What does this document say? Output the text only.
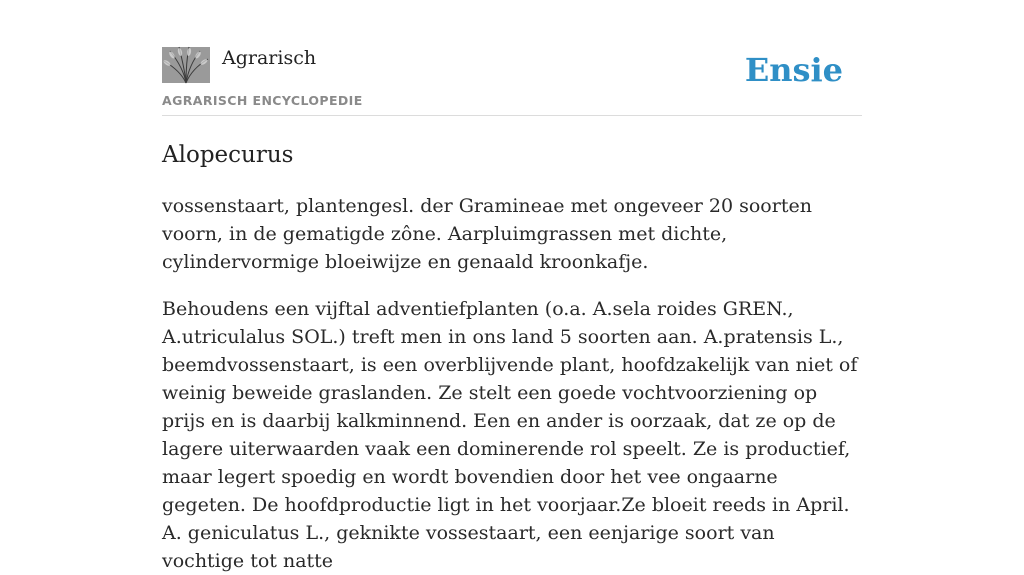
Agrarisch
AGRARISCH ENCYCLOPEDIE
Ensie
Alopecurus

vossenstaart, plantengesl. der Gramineae met ongeveer 20 soorten voorn, in de gematigde zône. Aarpluimgrassen met dichte, cylindervormige bloeiwijze en genaald kroonkafje.

Behoudens een vijftal adventiefplanten (o.a. A.sela roides GREN., A.utriculalus SOL.) treft men in ons land 5 soorten aan. A.pratensis L., beemdvossenstaart, is een overblijvende plant, hoofdzakelijk van niet of weinig beweide graslanden. Ze stelt een goede vochtvoorziening op prijs en is daarbij kalkminnend. Een en ander is oorzaak, dat ze op de lagere uiterwaarden vaak een dominerende rol speelt. Ze is productief, maar legert spoedig en wordt bovendien door het vee ongaarne gegeten. De hoofdproductie ligt in het voorjaar.Ze bloeit reeds in April. A. geniculatus L., geknikte vossestaart, een eenjarige soort van vochtige tot natte
